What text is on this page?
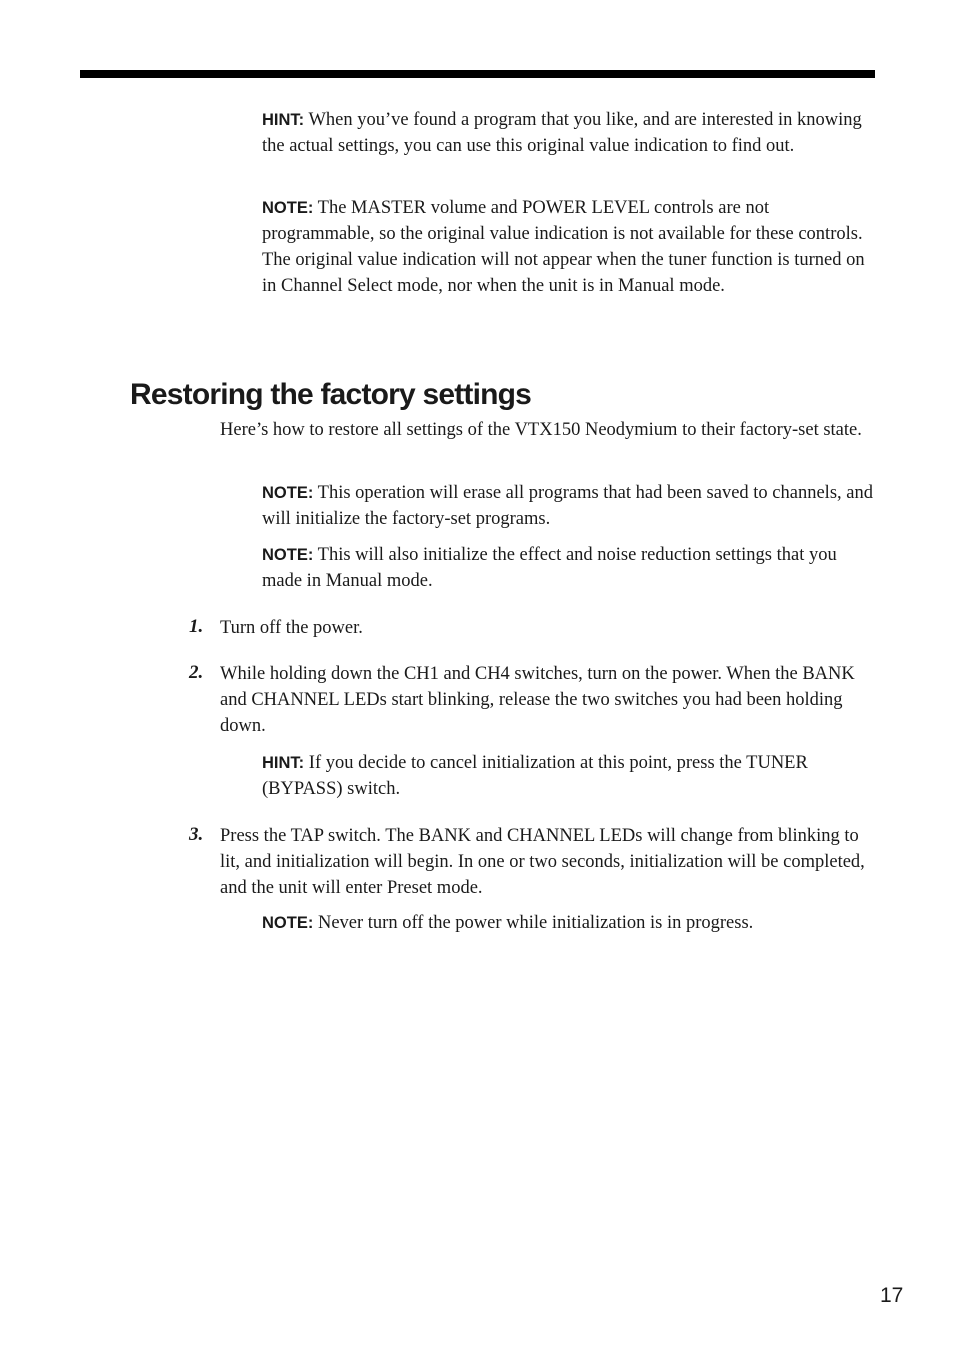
HINT: When you’ve found a program that you like, and are interested in knowing the actual settings, you can use this original value indication to find out.

NOTE: The MASTER volume and POWER LEVEL controls are not programmable, so the original value indication is not available for these controls. The original value indication will not appear when the tuner function is turned on in Channel Select mode, nor when the unit is in Manual mode.

Restoring the factory settings

Here’s how to restore all settings of the VTX150 Neodymium to their factory-set state.

NOTE: This operation will erase all programs that had been saved to channels, and will initialize the factory-set programs.

NOTE: This will also initialize the effect and noise reduction settings that you made in Manual mode.

1. Turn off the power.

2. While holding down the CH1 and CH4 switches, turn on the power. When the BANK and CHANNEL LEDs start blinking, release the two switches you had been holding down.

HINT: If you decide to cancel initialization at this point, press the TUNER (BYPASS) switch.

3. Press the TAP switch. The BANK and CHANNEL LEDs will change from blinking to lit, and initialization will begin. In one or two seconds, initialization will be completed, and the unit will enter Preset mode.

NOTE: Never turn off the power while initialization is in progress.

17
